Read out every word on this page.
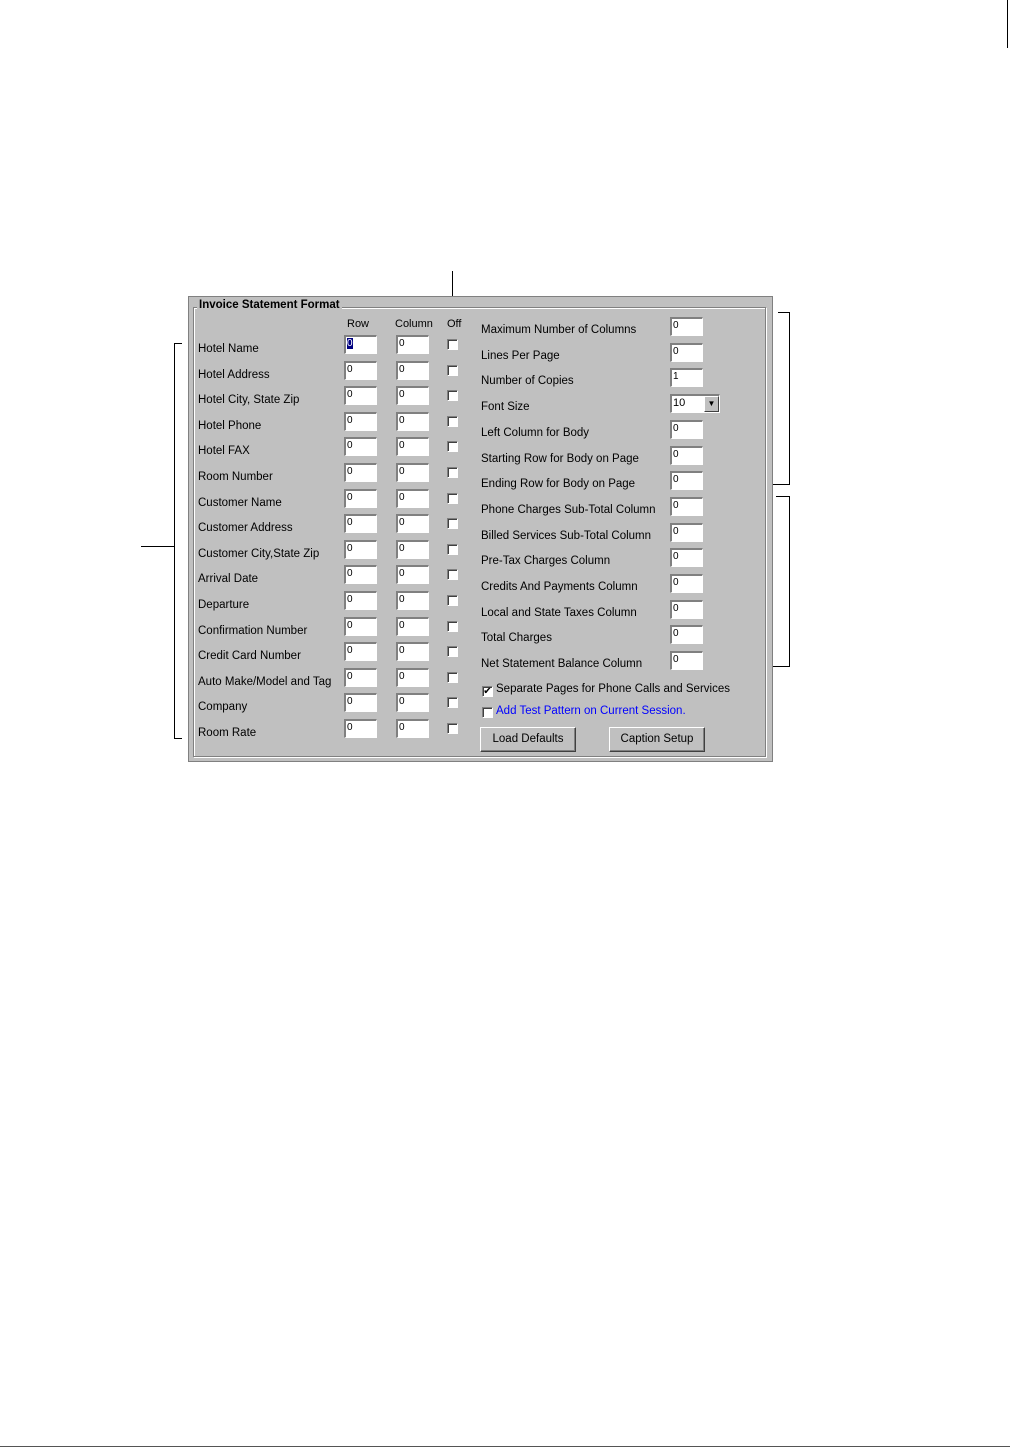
Invoice Statement Format
Row Column Off
✔ Separate Pages for Phone Calls and Services
Add Test Pattern on Current Session.
Load Defaults	Caption Setup
Hotel Name	0	0
Hotel Address	0	0
Hotel City, State Zip	0	0
Hotel Phone	0	0
Hotel FAX	0	0
Room Number	0	0
Customer Name	0	0
Customer Address	0	0
Customer City,State Zip	0	0
Arrival Date	0	0
Departure	0	0
Confirmation Number	0	0
Credit Card Number	0	0
Auto Make/Model and Tag	0	0
Company	0	0
Room Rate	0	0
Maximum Number of Columns	0
Lines Per Page	0
Number of Copies	1
Font Size	10	▼
Left Column for Body	0
Starting Row for Body on Page	0
Ending Row for Body on Page	0
Phone Charges Sub-Total Column	0
Billed Services Sub-Total Column	0
Pre-Tax Charges Column	0
Credits And Payments Column	0
Local and State Taxes Column	0
Total Charges	0
Net Statement Balance Column	0
